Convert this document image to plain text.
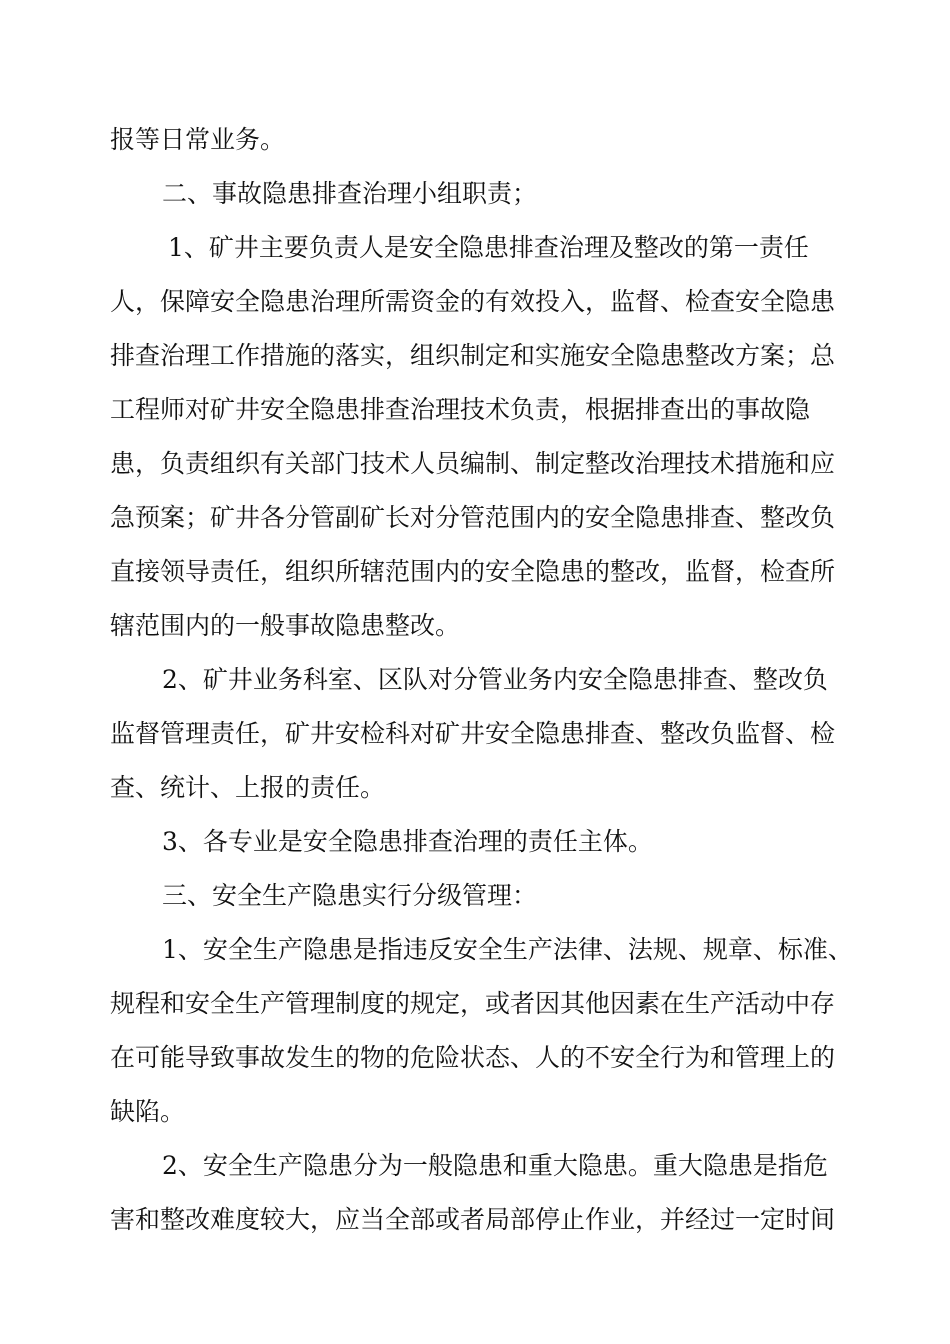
报等日常业务。
二、事故隐患排查治理小组职责；
1、矿井主要负责人是安全隐患排查治理及整改的第一责任
人，保障安全隐患治理所需资金的有效投入，监督、检查安全隐患
排查治理工作措施的落实，组织制定和实施安全隐患整改方案；总
工程师对矿井安全隐患排查治理技术负责，根据排查出的事故隐
患，负责组织有关部门技术人员编制、制定整改治理技术措施和应
急预案；矿井各分管副矿长对分管范围内的安全隐患排查、整改负
直接领导责任，组织所辖范围内的安全隐患的整改，监督，检查所
辖范围内的一般事故隐患整改。
2、矿井业务科室、区队对分管业务内安全隐患排查、整改负
监督管理责任，矿井安检科对矿井安全隐患排查、整改负监督、检
查、统计、上报的责任。
3、各专业是安全隐患排查治理的责任主体。
三、安全生产隐患实行分级管理：
1、安全生产隐患是指违反安全生产法律、法规、规章、标准、
规程和安全生产管理制度的规定，或者因其他因素在生产活动中存
在可能导致事故发生的物的危险状态、人的不安全行为和管理上的
缺陷。
2、安全生产隐患分为一般隐患和重大隐患。重大隐患是指危
害和整改难度较大，应当全部或者局部停止作业，并经过一定时间
